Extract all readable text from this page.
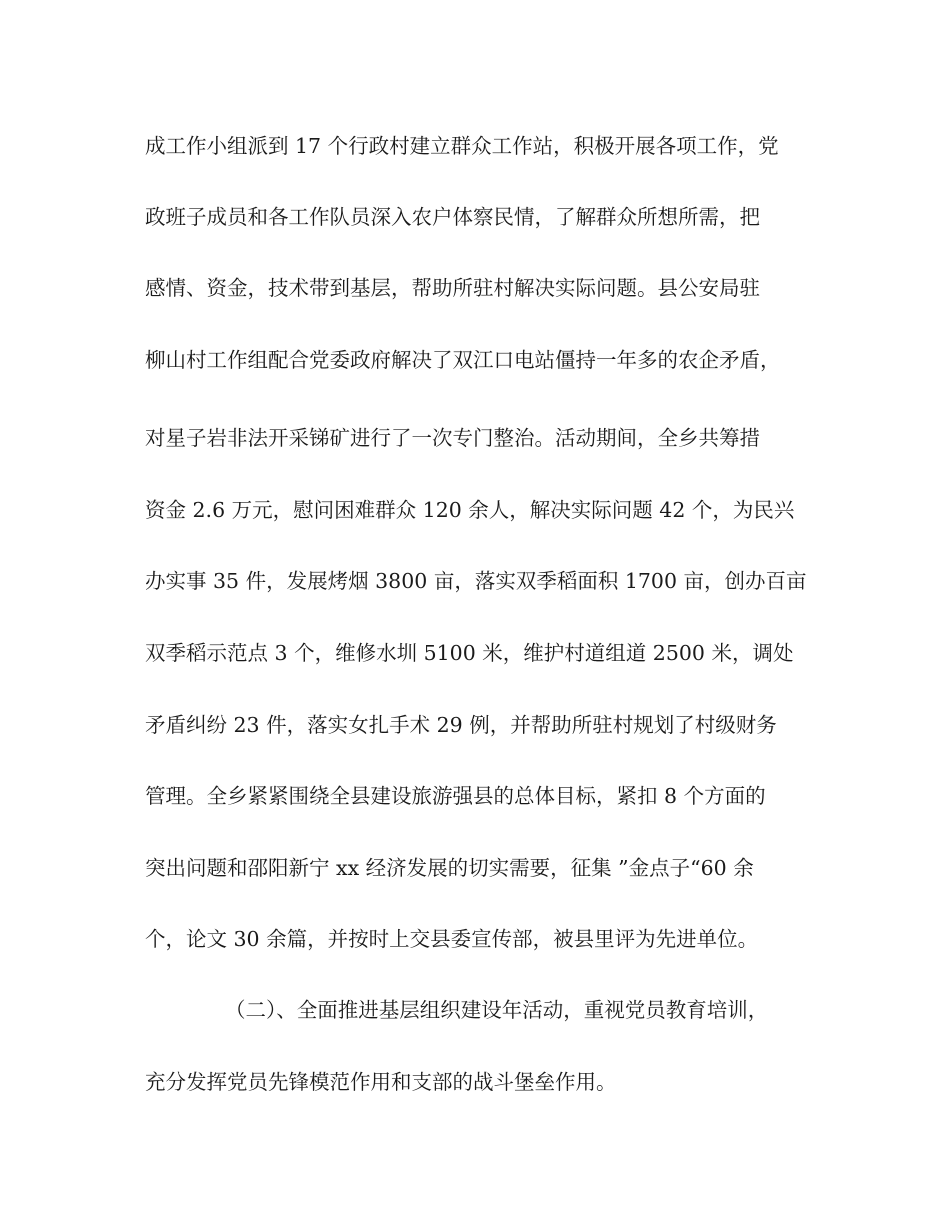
成工作小组派到 17 个行政村建立群众工作站，积极开展各项工作，党
政班子成员和各工作队员深入农户体察民情，了解群众所想所需，把
感情、资金，技术带到基层，帮助所驻村解决实际问题。县公安局驻
柳山村工作组配合党委政府解决了双江口电站僵持一年多的农企矛盾，
对星子岩非法开采锑矿进行了一次专门整治。活动期间，全乡共筹措
资金 2.6 万元，慰问困难群众 120 余人，解决实际问题 42 个，为民兴
办实事 35 件，发展烤烟 3800 亩，落实双季稻面积 1700 亩，创办百亩
双季稻示范点 3 个，维修水圳 5100 米，维护村道组道 2500 米，调处
矛盾纠纷 23 件，落实女扎手术 29 例，并帮助所驻村规划了村级财务
管理。全乡紧紧围绕全县建设旅游强县的总体目标，紧扣 8 个方面的
突出问题和邵阳新宁 xx 经济发展的切实需要，征集 ”金点子“60 余
个，论文 30 余篇，并按时上交县委宣传部，被县里评为先进单位。
（二）、全面推进基层组织建设年活动，重视党员教育培训，
充分发挥党员先锋模范作用和支部的战斗堡垒作用。
